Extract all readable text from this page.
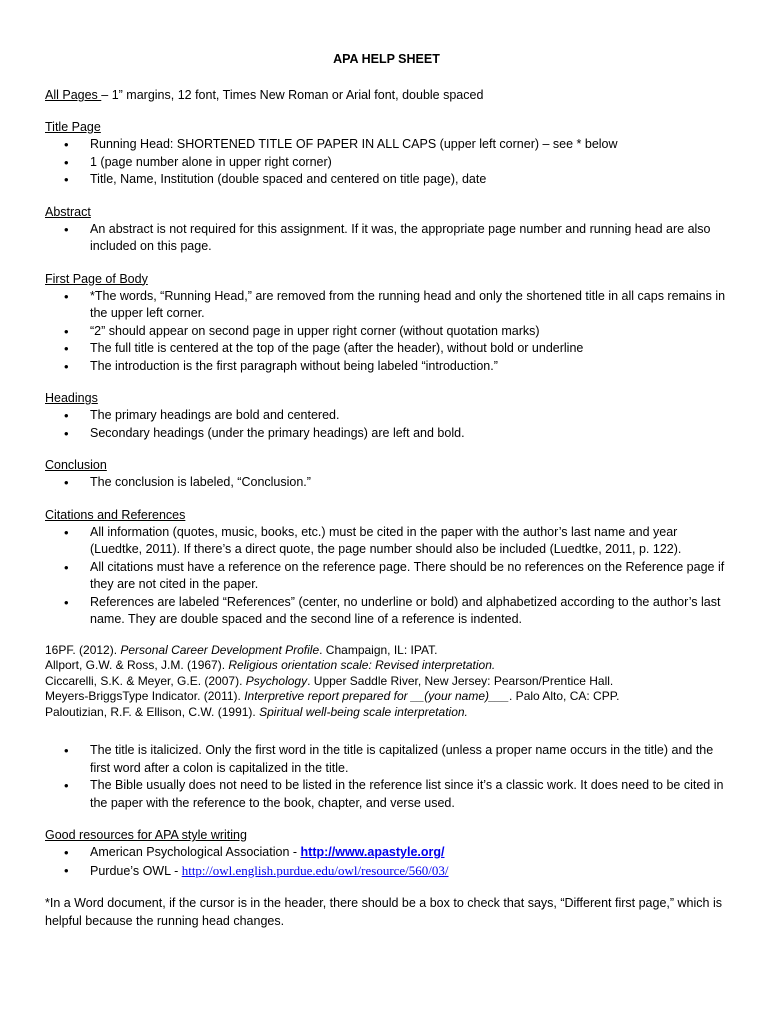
APA HELP SHEET
All Pages – 1” margins, 12 font, Times New Roman or Arial font, double spaced
Title Page
• Running Head: SHORTENED TITLE OF PAPER IN ALL CAPS (upper left corner) – see * below
• 1 (page number alone in upper right corner)
• Title, Name, Institution (double spaced and centered on title page), date
Abstract
• An abstract is not required for this assignment. If it was, the appropriate page number and running head are also included on this page.
First Page of Body
• *The words, “Running Head,” are removed from the running head and only the shortened title in all caps remains in the upper left corner.
• “2” should appear on second page in upper right corner (without quotation marks)
• The full title is centered at the top of the page (after the header), without bold or underline
• The introduction is the first paragraph without being labeled “introduction.”
Headings
• The primary headings are bold and centered.
• Secondary headings (under the primary headings) are left and bold.
Conclusion
• The conclusion is labeled, “Conclusion.”
Citations and References
• All information (quotes, music, books, etc.) must be cited in the paper with the author’s last name and year (Luedtke, 2011). If there’s a direct quote, the page number should also be included (Luedtke, 2011, p. 122).
• All citations must have a reference on the reference page. There should be no references on the Reference page if they are not cited in the paper.
• References are labeled “References” (center, no underline or bold) and alphabetized according to the author’s last name. They are double spaced and the second line of a reference is indented.
16PF. (2012). Personal Career Development Profile. Champaign, IL: IPAT.
Allport, G.W. & Ross, J.M. (1967). Religious orientation scale: Revised interpretation.
Ciccarelli, S.K. & Meyer, G.E. (2007). Psychology. Upper Saddle River, New Jersey: Pearson/Prentice Hall.
Meyers-BriggsType Indicator. (2011). Interpretive report prepared for __(your name)___. Palo Alto, CA: CPP.
Paloutizian, R.F. & Ellison, C.W. (1991). Spiritual well-being scale interpretation.
• The title is italicized. Only the first word in the title is capitalized (unless a proper name occurs in the title) and the first word after a colon is capitalized in the title.
• The Bible usually does not need to be listed in the reference list since it’s a classic work. It does need to be cited in the paper with the reference to the book, chapter, and verse used.
Good resources for APA style writing
• American Psychological Association - http://www.apastyle.org/
• Purdue’s OWL - http://owl.english.purdue.edu/owl/resource/560/03/
*In a Word document, if the cursor is in the header, there should be a box to check that says, “Different first page,” which is helpful because the running head changes.
